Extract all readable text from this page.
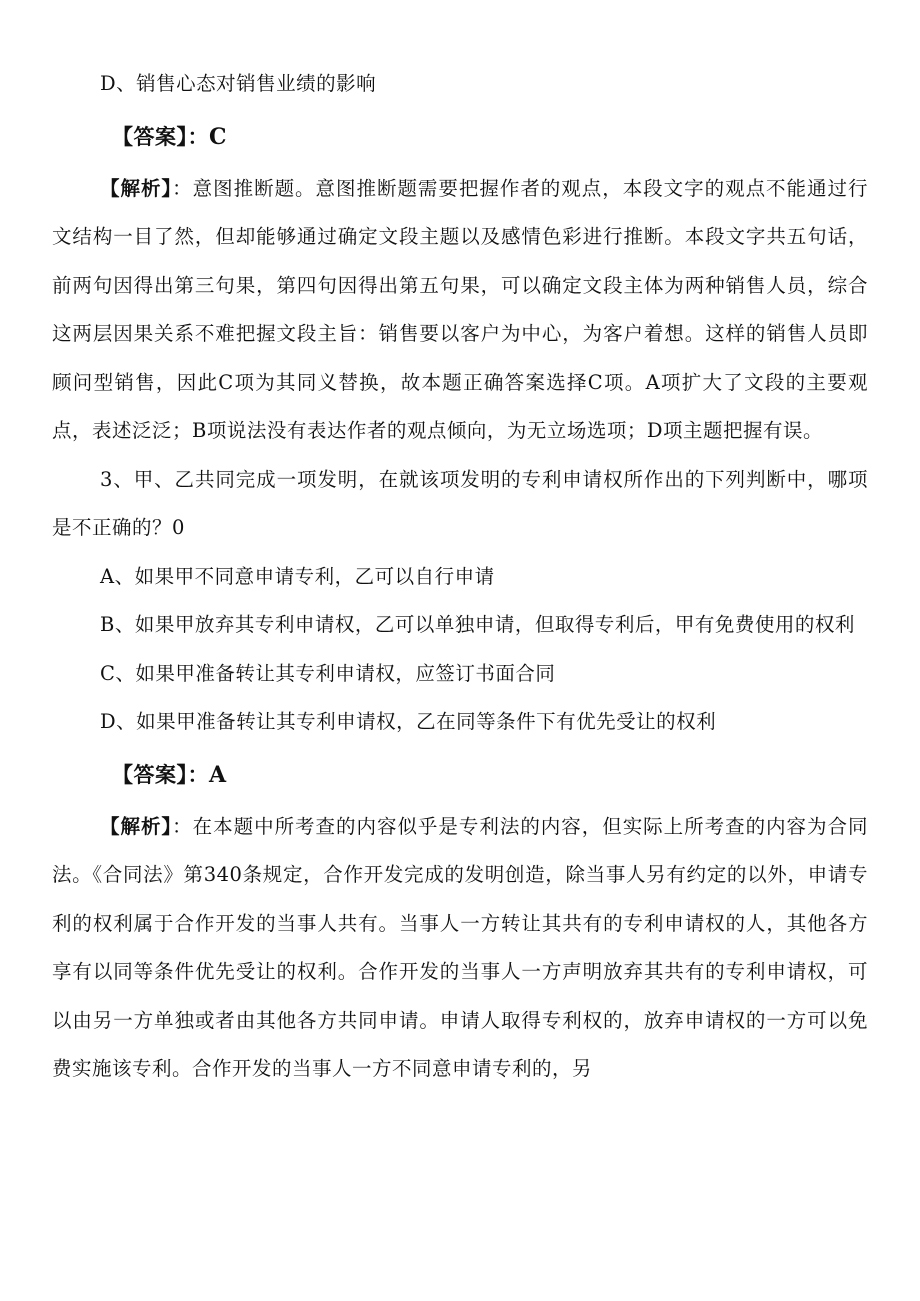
D、销售心态对销售业绩的影响

【答案】：C

【解析】：意图推断题。意图推断题需要把握作者的观点，本段文字的观点不能通过行文结构一目了然，但却能够通过确定文段主题以及感情色彩进行推断。本段文字共五句话，前两句因得出第三句果，第四句因得出第五句果，可以确定文段主体为两种销售人员，综合这两层因果关系不难把握文段主旨：销售要以客户为中心，为客户着想。这样的销售人员即顾问型销售，因此C项为其同义替换，故本题正确答案选择C项。A项扩大了文段的主要观点，表述泛泛；B项说法没有表达作者的观点倾向，为无立场选项；D项主题把握有误。

3、甲、乙共同完成一项发明，在就该项发明的专利申请权所作出的下列判断中，哪项是不正确的？0

A、如果甲不同意申请专利，乙可以自行申请

B、如果甲放弃其专利申请权，乙可以单独申请，但取得专利后，甲有免费使用的权利

C、如果甲准备转让其专利申请权，应签订书面合同

D、如果甲准备转让其专利申请权，乙在同等条件下有优先受让的权利

【答案】：A

【解析】：在本题中所考查的内容似乎是专利法的内容，但实际上所考查的内容为合同法。《合同法》第340条规定，合作开发完成的发明创造，除当事人另有约定的以外，申请专利的权利属于合作开发的当事人共有。当事人一方转让其共有的专利申请权的人，其他各方享有以同等条件优先受让的权利。合作开发的当事人一方声明放弃其共有的专利申请权，可以由另一方单独或者由其他各方共同申请。申请人取得专利权的，放弃申请权的一方可以免费实施该专利。合作开发的当事人一方不同意申请专利的，另
